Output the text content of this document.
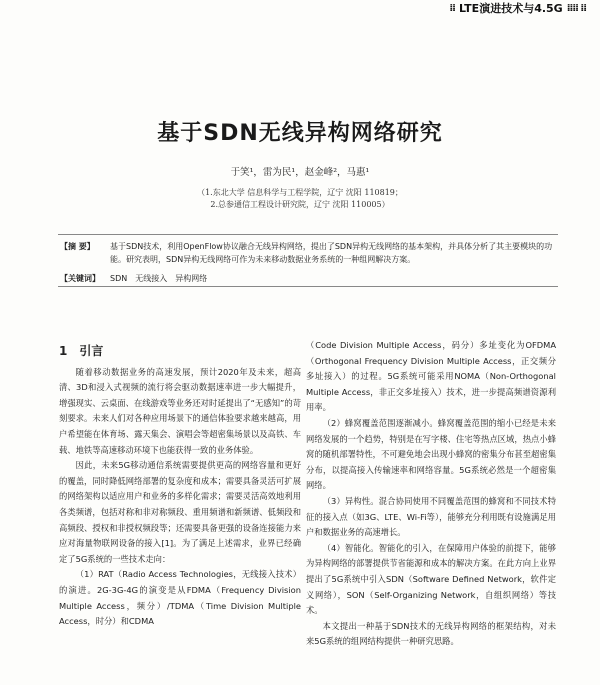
⁞⁞ LTE演进技术与4.5G ⁞⁞⁞⁞ ⁞⁞
基于SDN无线异构网络研究
于笑¹，雷为民¹，赵金峰²，马惠¹
（1.东北大学 信息科学与工程学院，辽宁 沈阳 110819；
2.总参通信工程设计研究院，辽宁 沈阳 110005）
【摘 要】 基于SDN技术，利用OpenFlow协议融合无线异构网络，提出了SDN异构无线网络的基本架构，并具体分析了其主要模块的功能。研究表明，SDN异构无线网络可作为未来移动数据业务系统的一种组网解决方案。
【关键词】 SDN　无线接入　异构网络

1　引言

随着移动数据业务的高速发展，预计2020年及未来，超高清、3D和浸入式视频的流行将会驱动数据速率进一步大幅提升，增强现实、云桌面、在线游戏等业务还对时延提出了“无感知”的苛刻要求。未来人们对各种应用场景下的通信体验要求越来越高，用户希望能在体育场、露天集会、演唱会等超密集场景以及高铁、车载、地铁等高速移动环境下也能获得一致的业务体验。

因此，未来5G移动通信系统需要提供更高的网络容量和更好的覆盖，同时降低网络部署的复杂度和成本；需要具备灵活可扩展的网络架构以适应用户和业务的多样化需求；需要灵活高效地利用各类频谱，包括对称和非对称频段、重用频谱和新频谱、低频段和高频段、授权和非授权频段等；还需要具备更强的设备连接能力来应对海量物联网设备的接入[1]。为了满足上述需求，业界已经确定了5G系统的一些技术走向：

（1）RAT（Radio Access Technologies，无线接入技术）的演进。2G-3G-4G的演变是从FDMA（Frequency Division Multiple Access，频分）/TDMA（Time Division Multiple Access，时分）和CDMA

（Code Division Multiple Access，码分）多址变化为OFDMA（Orthogonal Frequency Division Multiple Access，正交频分多址接入）的过程。5G系统可能采用NOMA（Non-Orthogonal Multiple Access，非正交多址接入）技术，进一步提高频谱资源利用率。

（2）蜂窝覆盖范围逐渐减小。蜂窝覆盖范围的缩小已经是未来网络发展的一个趋势，特别是在写字楼、住宅等热点区域，热点小蜂窝的随机部署特性，不可避免地会出现小蜂窝的密集分布甚至超密集分布，以提高接入传输速率和网络容量。5G系统必然是一个超密集网络。

（3）异构性。混合协同使用不同覆盖范围的蜂窝和不同技术特征的接入点（如3G、LTE、Wi-Fi等），能够充分利用既有设施满足用户和数据业务的高速增长。

（4）智能化。智能化的引入，在保障用户体验的前提下，能够为异构网络的部署提供节省能源和成本的解决方案。在此方向上业界提出了5G系统中引入SDN（Software Defined Network，软件定义网络），SON（Self-Organizing Network，自组织网络）等技术。

本文提出一种基于SDN技术的无线异构网络的框架结构，对未来5G系统的组网结构提供一种研究思路。
